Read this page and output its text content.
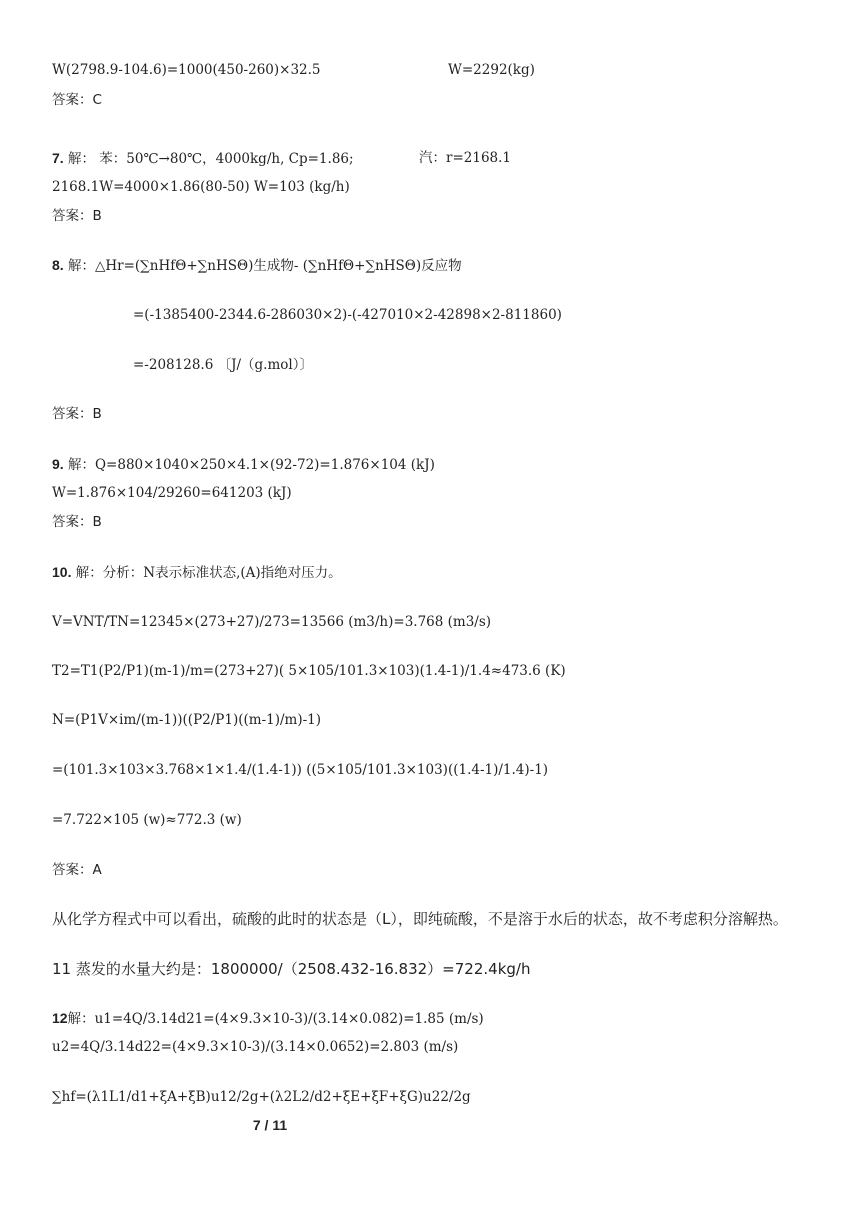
W(2798.9-104.6)=1000(450-260)×32.5	W=2292(kg)
答案：C
7. 解： 苯：50℃→80℃，4000kg/h, Cp=1.86;	汽：r=2168.1
2168.1W=4000×1.86(80-50) W=103 (kg/h)
答案：B
8. 解：△Hr=(∑nHfΘ+∑nHSΘ)生成物- (∑nHfΘ+∑nHSΘ)反应物
=(-1385400-2344.6-286030×2)-(-427010×2-42898×2-811860)
=-208128.6 〔J/（g.mol）〕
答案：B
9. 解：Q=880×1040×250×4.1×(92-72)=1.876×104 (kJ)
W=1.876×104/29260=641203 (kJ)
答案：B
10. 解：分析：N表示标准状态,(A)指绝对压力。
V=VNT/TN=12345×(273+27)/273=13566 (m3/h)=3.768 (m3/s)
T2=T1(P2/P1)(m-1)/m=(273+27)( 5×105/101.3×103)(1.4-1)/1.4≈473.6 (K)
N=(P1V×im/(m-1))((P2/P1)((m-1)/m)-1)
=(101.3×103×3.768×1×1.4/(1.4-1)) ((5×105/101.3×103)((1.4-1)/1.4)-1)
=7.722×105 (w)≈772.3 (w)
答案：A
从化学方程式中可以看出，硫酸的此时的状态是（L），即纯硫酸，不是溶于水后的状态，故不考虑积分溶解热。
11 蒸发的水量大约是：1800000/（2508.432-16.832）=722.4kg/h
12解：u1=4Q/3.14d21=(4×9.3×10-3)/(3.14×0.082)=1.85 (m/s)
u2=4Q/3.14d22=(4×9.3×10-3)/(3.14×0.0652)=2.803 (m/s)
∑hf=(λ1L1/d1+ξA+ξB)u12/2g+(λ2L2/d2+ξE+ξF+ξG)u22/2g
7 / 11
